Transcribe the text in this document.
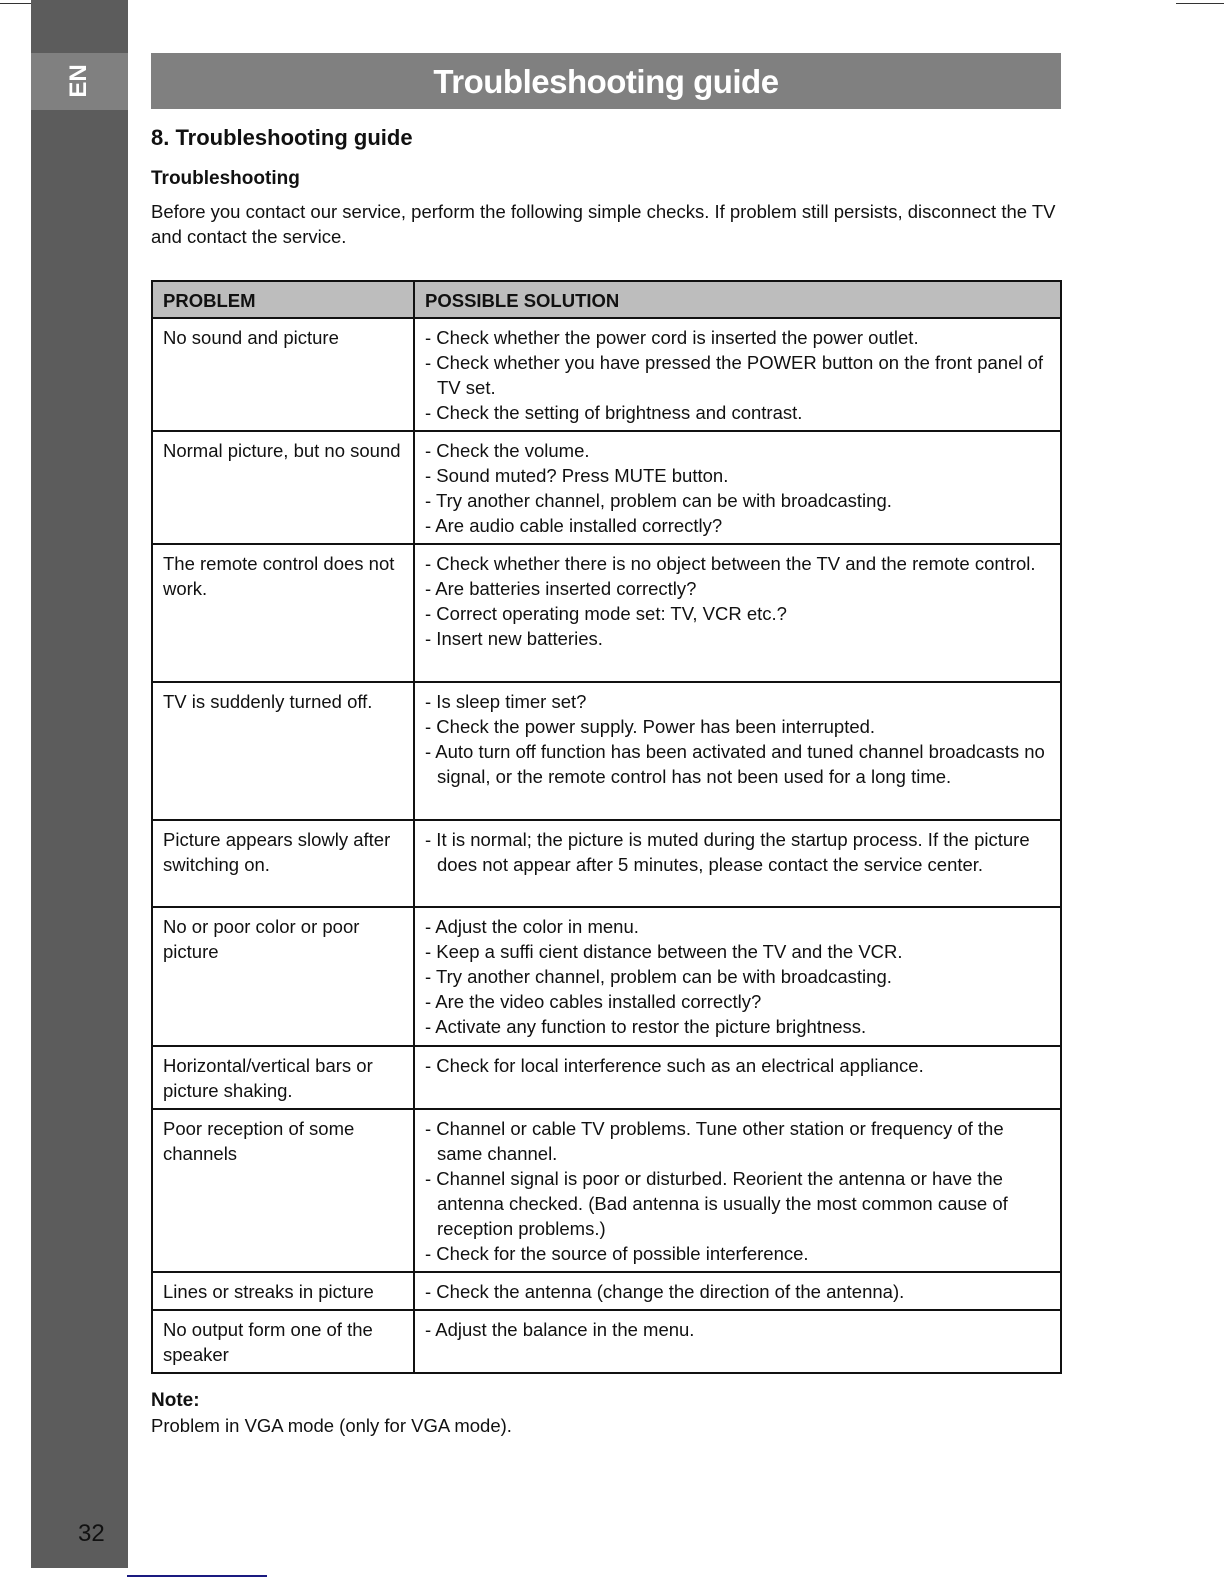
EN
32
Troubleshooting guide
8. Troubleshooting guide
Troubleshooting
Before you contact our service, perform the following simple checks. If problem still persists, disconnect the TV and contact the service.
PROBLEM	POSSIBLE SOLUTION
No sound and picture	- Check whether the power cord is inserted the power outlet.
- Check whether you have pressed the POWER button on the front panel of TV set.
- Check the setting of brightness and contrast.

Normal picture, but no sound	- Check the volume.
- Sound muted? Press MUTE button.
- Try another channel, problem can be with broadcasting.
- Are audio cable installed correctly?

The remote control does not work.	- Check whether there is no object between the TV and the remote control.
- Are batteries inserted correctly?
- Correct operating mode set: TV, VCR etc.?
- Insert new batteries.

TV is suddenly turned off.	- Is sleep timer set?
- Check the power supply. Power has been interrupted.
- Auto turn off function has been activated and tuned channel broadcasts no signal, or the remote control has not been used for a long time.

Picture appears slowly after switching on.	- It is normal; the picture is muted during the startup process. If the picture does not appear after 5 minutes, please contact the service center.

No or poor color or poor picture	- Adjust the color in menu.
- Keep a suffi cient distance between the TV and the VCR.
- Try another channel, problem can be with broadcasting.
- Are the video cables installed correctly?
- Activate any function to restor the picture brightness.

Horizontal/vertical bars or picture shaking.	- Check for local interference such as an electrical appliance.

Poor reception of some channels	- Channel or cable TV problems. Tune other station or frequency of the same channel.
- Channel signal is poor or disturbed. Reorient the antenna or have the antenna checked. (Bad antenna is usually the most common cause of reception problems.)
- Check for the source of possible interference.

Lines or streaks in picture	- Check the antenna (change the direction of the antenna).

No output form one of the speaker	- Adjust the balance in the menu.
Note:
Problem in VGA mode (only for VGA mode).
